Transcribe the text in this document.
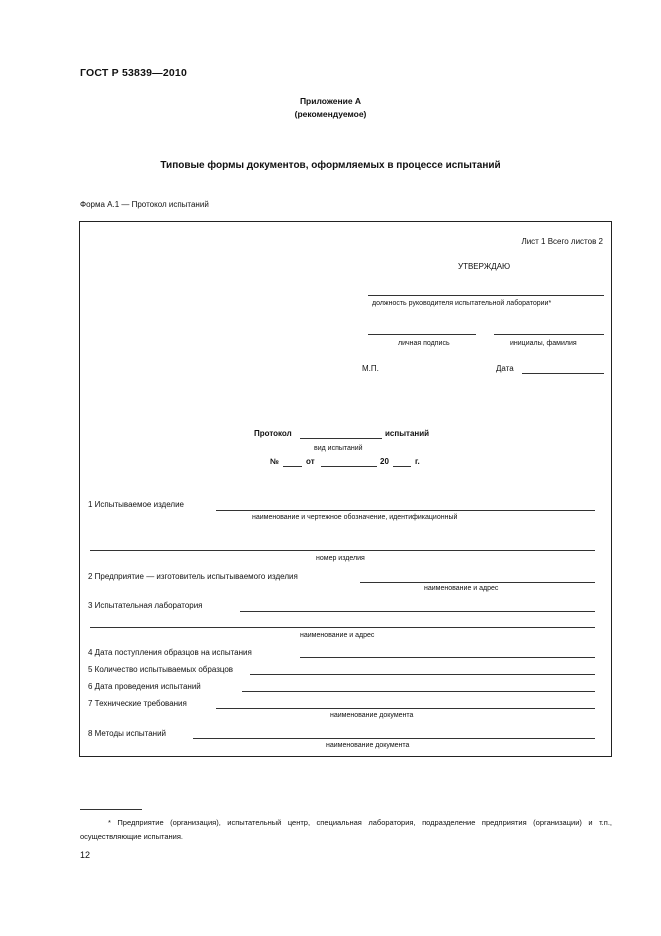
ГОСТ Р 53839—2010
Приложение А
(рекомендуемое)
Типовые формы документов, оформляемых в процессе испытаний
Форма А.1 — Протокол испытаний
Лист 1 Всего листов 2
УТВЕРЖДАЮ
должность руководителя испытательной лаборатории*
личная подпись	инициалы, фамилия
М.П.	Дата
Протокол	испытаний
вид испытаний
№	от	20	г.
1 Испытываемое изделие
наименование и чертежное обозначение, идентификационный
номер изделия
2 Предприятие — изготовитель испытываемого изделия
наименование и адрес
3 Испытательная лаборатория
наименование и адрес
4 Дата поступления образцов на испытания
5 Количество испытываемых образцов
6 Дата проведения испытаний
7 Технические требования
наименование документа
8 Методы испытаний
наименование документа
* Предприятие (организация), испытательный центр, специальная лаборатория, подразделение предприятия (организации) и т.п., осуществляющие испытания.
12
